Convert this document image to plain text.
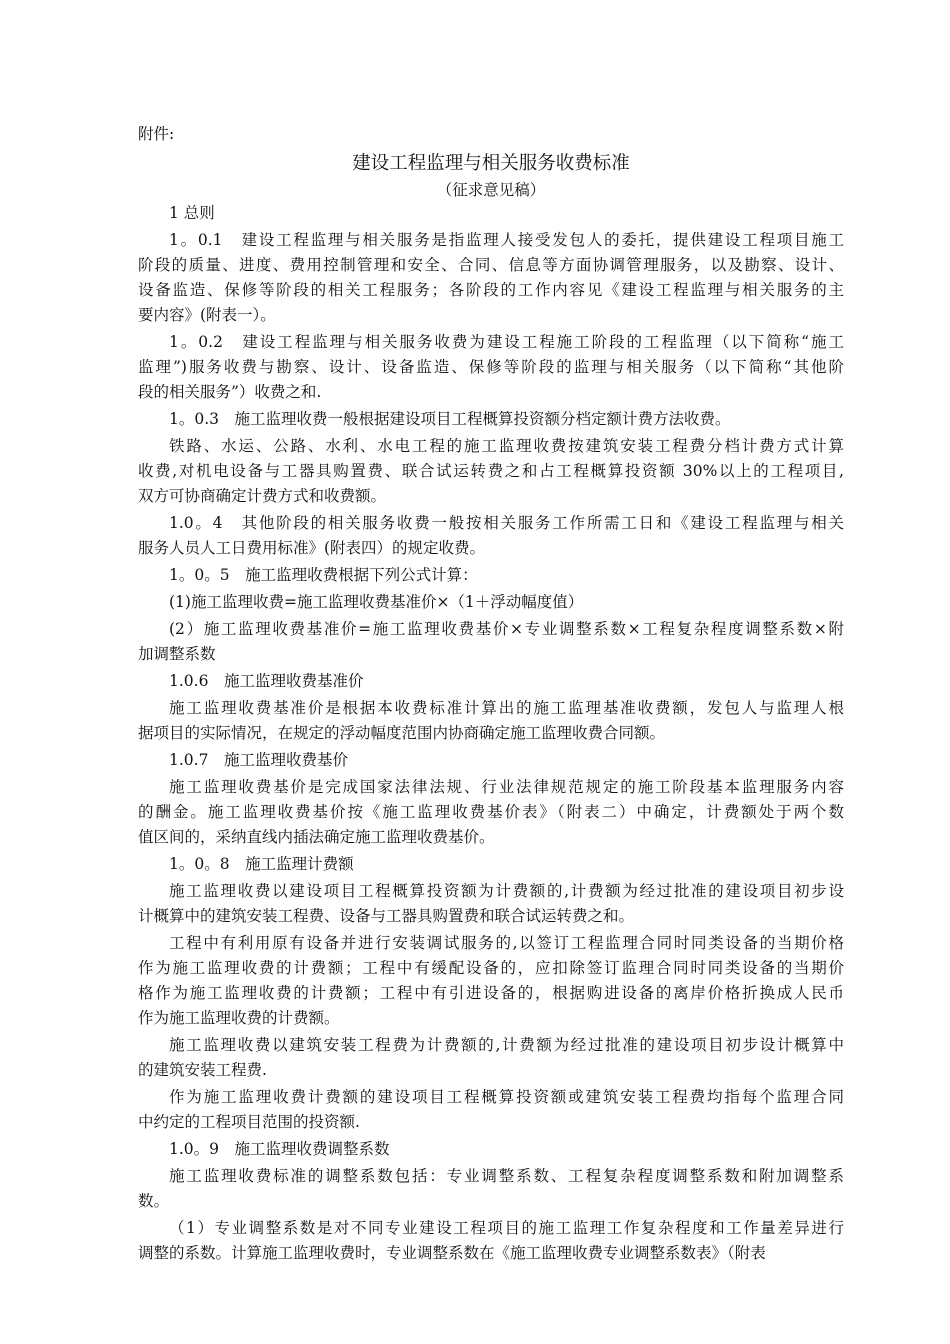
附件:
建设工程监理与相关服务收费标准
（征求意见稿）
1 总则
1。0.1　建设工程监理与相关服务是指监理人接受发包人的委托，提供建设工程项目施工
阶段的质量、进度、费用控制管理和安全、合同、信息等方面协调管理服务，以及勘察、设计、
设备监造、保修等阶段的相关工程服务；各阶段的工作内容见《建设工程监理与相关服务的主
要内容》(附表一）。
1。0.2　建设工程监理与相关服务收费为建设工程施工阶段的工程监理（以下简称“施工
监理”)服务收费与勘察、设计、设备监造、保修等阶段的监理与相关服务（以下简称“其他阶
段的相关服务”）收费之和.
1。0.3　施工监理收费一般根据建设项目工程概算投资额分档定额计费方法收费。
铁路、水运、公路、水利、水电工程的施工监理收费按建筑安装工程费分档计费方式计算
收费,对机电设备与工器具购置费、联合试运转费之和占工程概算投资额 30%以上的工程项目,
双方可协商确定计费方式和收费额。
1.0。4　其他阶段的相关服务收费一般按相关服务工作所需工日和《建设工程监理与相关
服务人员人工日费用标准》(附表四）的规定收费。
1。0。5　施工监理收费根据下列公式计算：
(1)施工监理收费=施工监理收费基准价×（1＋浮动幅度值）
(2）施工监理收费基准价=施工监理收费基价×专业调整系数×工程复杂程度调整系数×附
加调整系数
1.0.6　施工监理收费基准价
施工监理收费基准价是根据本收费标准计算出的施工监理基准收费额，发包人与监理人根
据项目的实际情况，在规定的浮动幅度范围内协商确定施工监理收费合同额。
1.0.7　施工监理收费基价
施工监理收费基价是完成国家法律法规、行业法律规范规定的施工阶段基本监理服务内容
的酬金。施工监理收费基价按《施工监理收费基价表》（附表二）中确定，计费额处于两个数
值区间的，采纳直线内插法确定施工监理收费基价。
1。0。8　施工监理计费额
施工监理收费以建设项目工程概算投资额为计费额的,计费额为经过批准的建设项目初步设
计概算中的建筑安装工程费、设备与工器具购置费和联合试运转费之和。
工程中有利用原有设备并进行安装调试服务的,以签订工程监理合同时同类设备的当期价格
作为施工监理收费的计费额；工程中有缓配设备的，应扣除签订监理合同时同类设备的当期价
格作为施工监理收费的计费额；工程中有引进设备的，根据购进设备的离岸价格折换成人民币
作为施工监理收费的计费额。
施工监理收费以建筑安装工程费为计费额的,计费额为经过批准的建设项目初步设计概算中
的建筑安装工程费.
作为施工监理收费计费额的建设项目工程概算投资额或建筑安装工程费均指每个监理合同
中约定的工程项目范围的投资额.
1.0。9　施工监理收费调整系数
施工监理收费标准的调整系数包括：专业调整系数、工程复杂程度调整系数和附加调整系
数。
（1）专业调整系数是对不同专业建设工程项目的施工监理工作复杂程度和工作量差异进行
调整的系数。计算施工监理收费时，专业调整系数在《施工监理收费专业调整系数表》（附表
